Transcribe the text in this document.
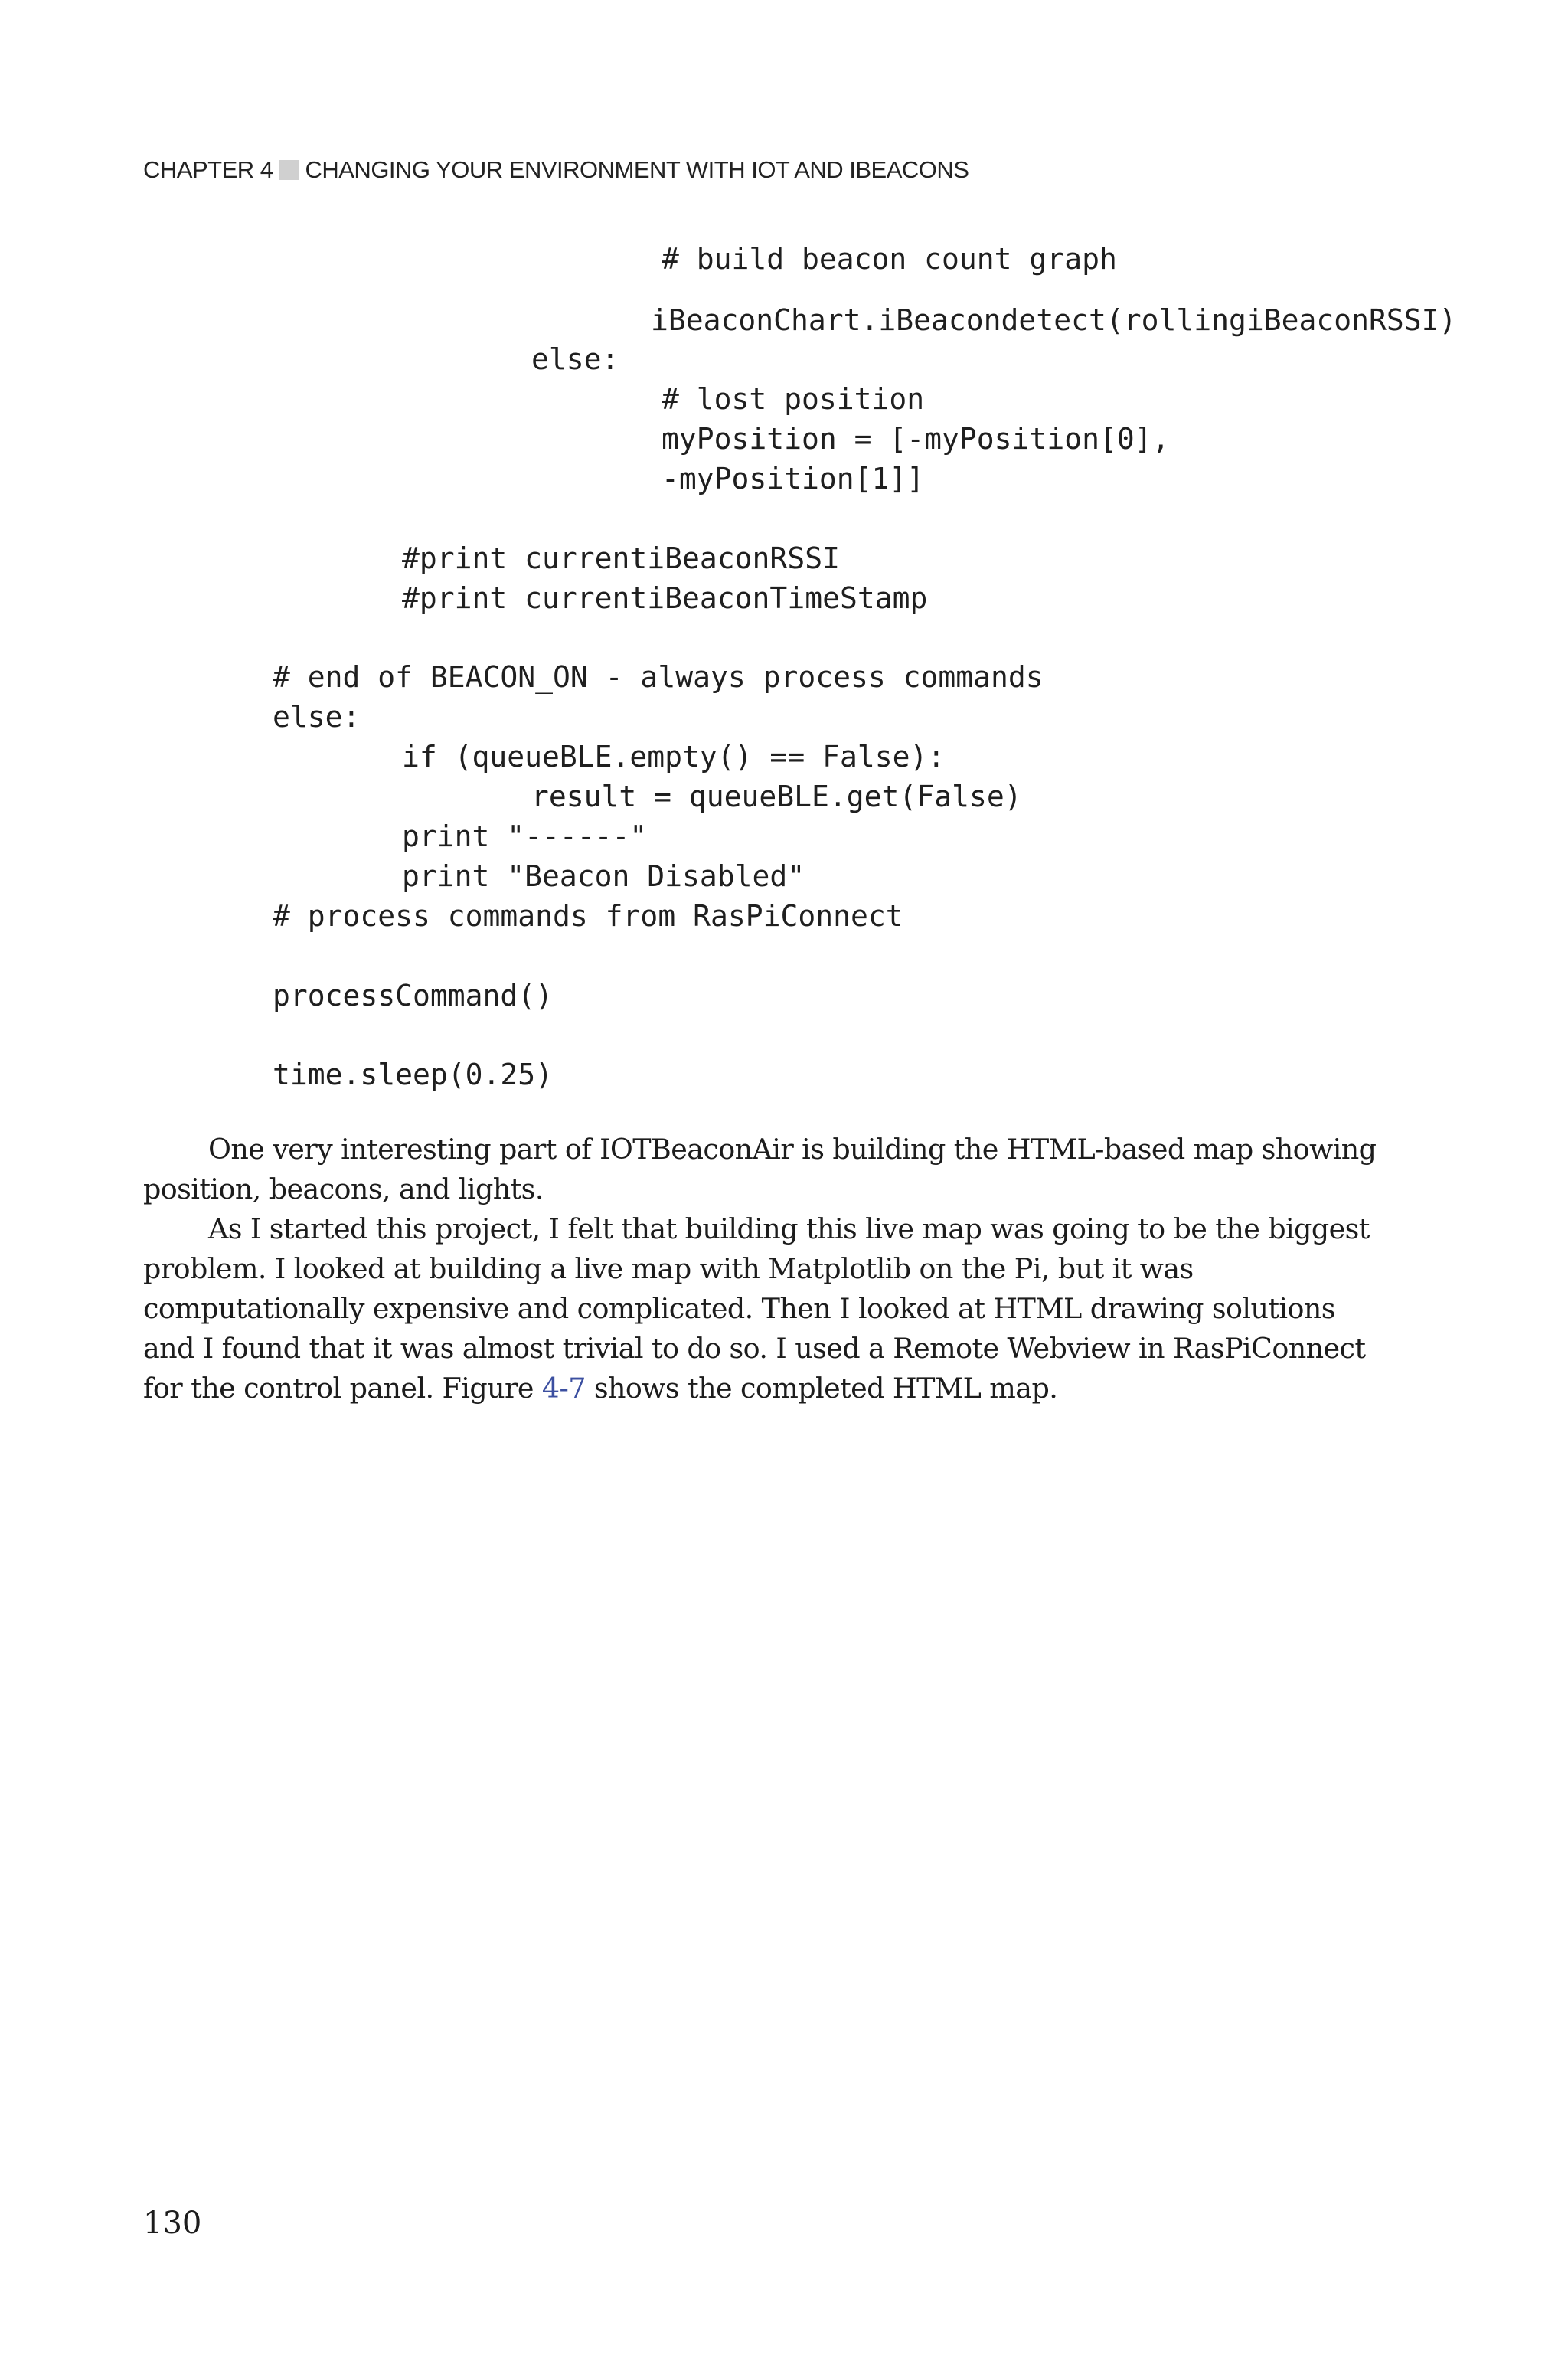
CHAPTER 4 CHANGING YOUR ENVIRONMENT WITH IOT AND IBEACONS
# build beacon count graph
iBeaconChart.iBeacondetect(rollingiBeaconRSSI)
else:
# lost position
myPosition = [-myPosition[0],
-myPosition[1]]
#print currentiBeaconRSSI
#print currentiBeaconTimeStamp
# end of BEACON_ON - always process commands
else:
if (queueBLE.empty() == False):
result = queueBLE.get(False)
print "------"
print "Beacon Disabled"
# process commands from RasPiConnect
processCommand()
time.sleep(0.25)

One very interesting part of IOTBeaconAir is building the HTML-based map showing position, beacons, and lights.

As I started this project, I felt that building this live map was going to be the biggest problem. I looked at building a live map with Matplotlib on the Pi, but it was computationally expensive and complicated. Then I looked at HTML drawing solutions and I found that it was almost trivial to do so. I used a Remote Webview in RasPiConnect for the control panel. Figure 4-7 shows the completed HTML map.

130
